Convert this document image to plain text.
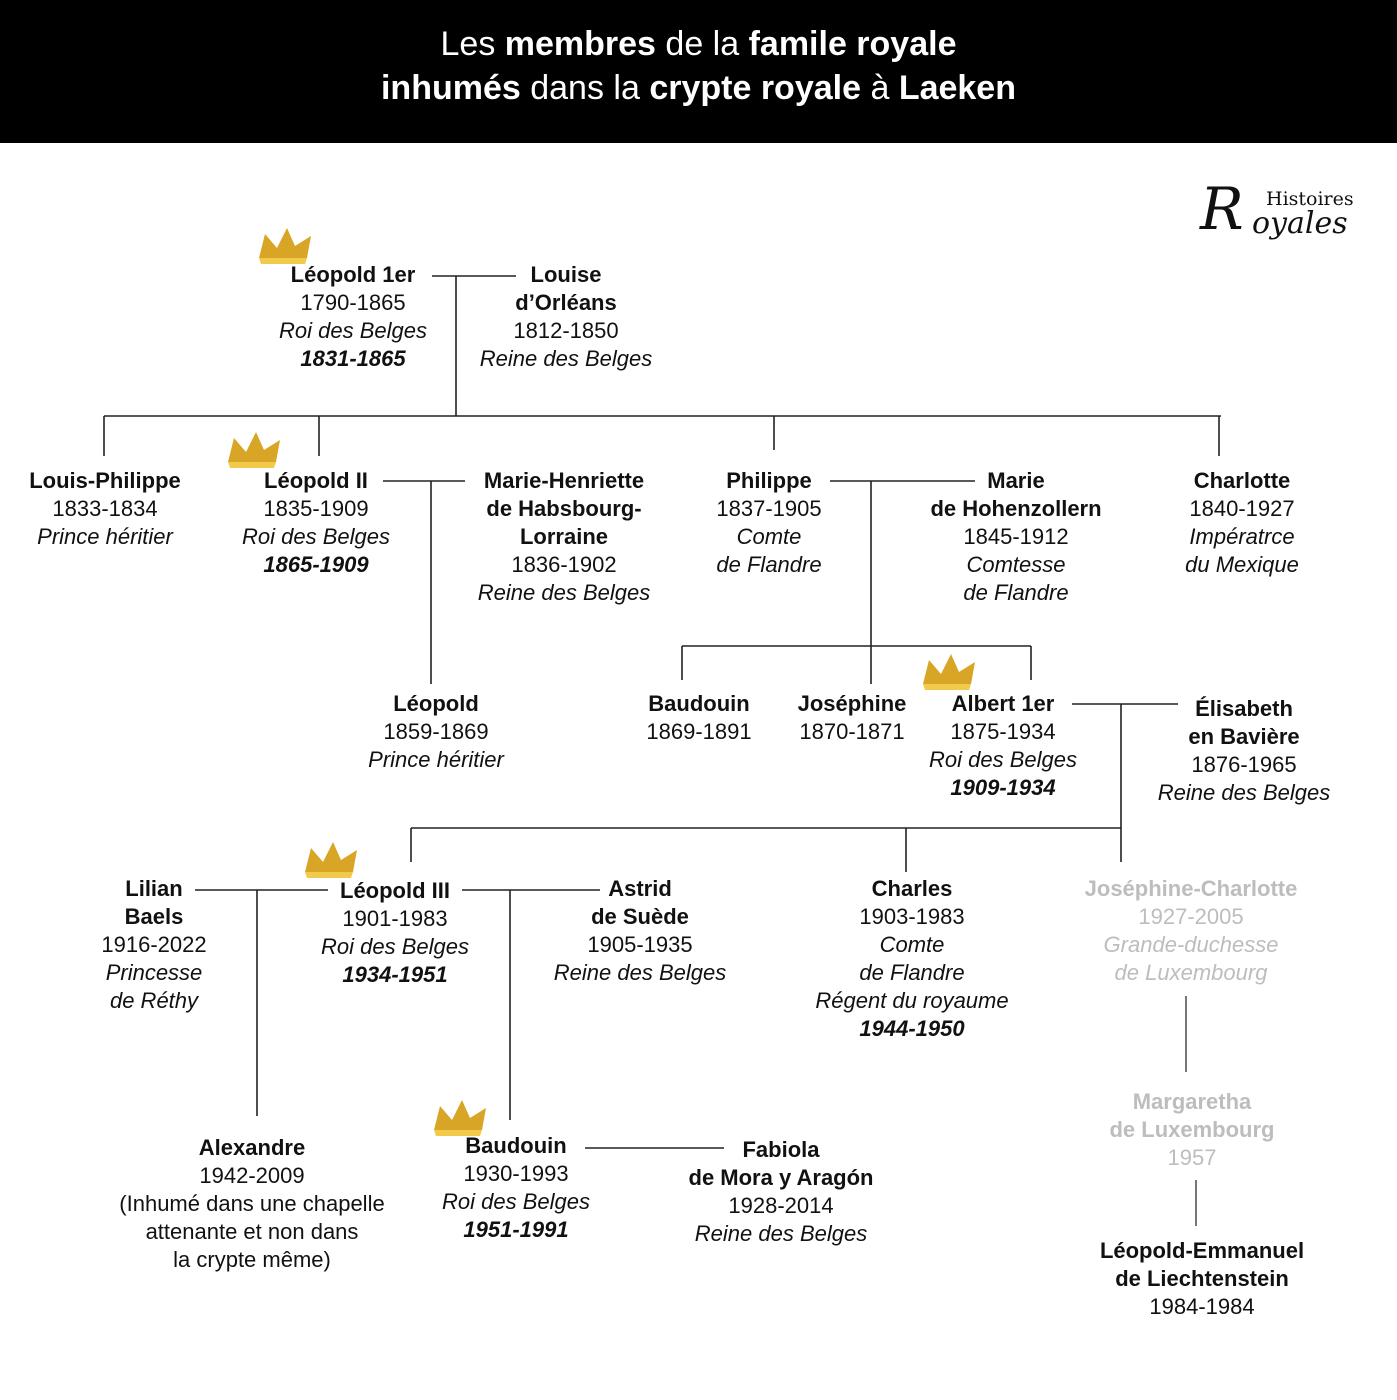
Les membres de la famile royale
inhumés dans la crypte royale à Laeken
R Histoires
oyales
Léopold 1er
1790-1865
Roi des Belges
1831-1865
Louise
d’Orléans
1812-1850
Reine des Belges
Louis-Philippe
1833-1834
Prince héritier
Léopold II
1835-1909
Roi des Belges
1865-1909
Marie-Henriette
de Habsbourg-
Lorraine
1836-1902
Reine des Belges
Philippe
1837-1905
Comte
de Flandre
Marie
de Hohenzollern
1845-1912
Comtesse
de Flandre
Charlotte
1840-1927
Impératrce
du Mexique
Léopold
1859-1869
Prince héritier
Baudouin
1869-1891
Joséphine
1870-1871
Albert 1er
1875-1934
Roi des Belges
1909-1934
Élisabeth
en Bavière
1876-1965
Reine des Belges
Lilian
Baels
1916-2022
Princesse
de Réthy
Léopold III
1901-1983
Roi des Belges
1934-1951
Astrid
de Suède
1905-1935
Reine des Belges
Charles
1903-1983
Comte
de Flandre
Régent du royaume
1944-1950
Joséphine-Charlotte
1927-2005
Grande-duchesse
de Luxembourg
Alexandre
1942-2009
(Inhumé dans une chapelle
attenante et non dans
la crypte même)
Baudouin
1930-1993
Roi des Belges
1951-1991
Fabiola
de Mora y Aragón
1928-2014
Reine des Belges
Margaretha
de Luxembourg
1957
Léopold-Emmanuel
de Liechtenstein
1984-1984
